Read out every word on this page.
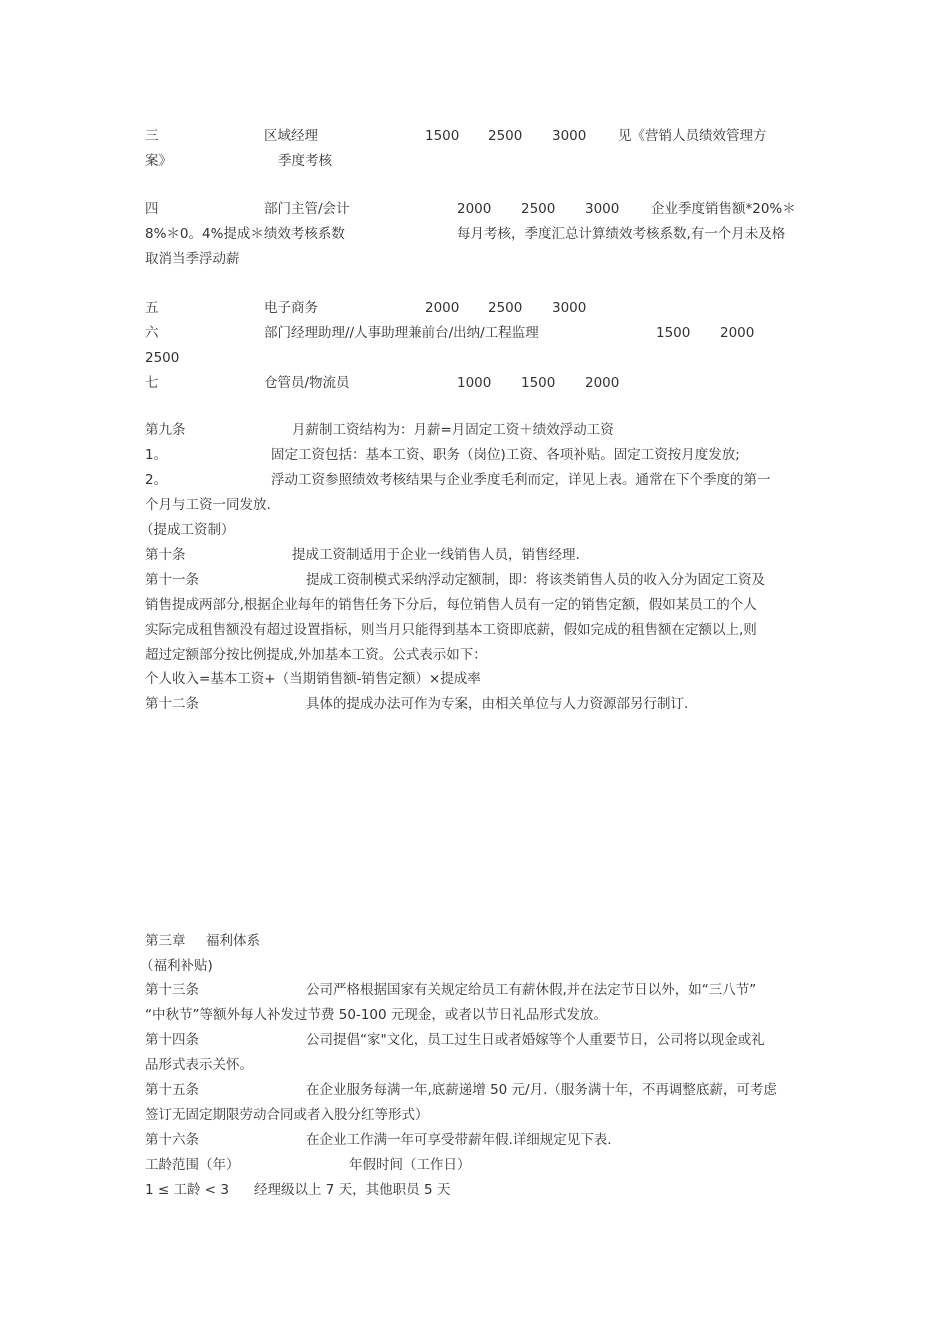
三	区域经理	1500 2500 3000 见《营销人员绩效管理方
案》	季度考核
四	部门主管/会计	2000 2500 3000 企业季度销售额*20%＊
8%＊0。4%提成＊绩效考核系数	每月考核，季度汇总计算绩效考核系数,有一个月未及格
取消当季浮动薪
五	电子商务	2000 2500 3000
六	部门经理助理//人事助理兼前台/出纳/工程监理	1500 2000
2500
七	仓管员/物流员	1000 1500 2000
第九条	月薪制工资结构为：月薪=月固定工资＋绩效浮动工资
1。	固定工资包括：基本工资、职务（岗位)工资、各项补贴。固定工资按月度发放;
2。	浮动工资参照绩效考核结果与企业季度毛利而定，详见上表。通常在下个季度的第一
个月与工资一同发放.
（提成工资制）
第十条	提成工资制适用于企业一线销售人员，销售经理.
第十一条	提成工资制模式采纳浮动定额制，即：将该类销售人员的收入分为固定工资及
销售提成两部分,根据企业每年的销售任务下分后，每位销售人员有一定的销售定额，假如某员工的个人
实际完成租售额没有超过设置指标，则当月只能得到基本工资即底薪，假如完成的租售额在定额以上,则
超过定额部分按比例提成,外加基本工资。公式表示如下：
个人收入=基本工资+（当期销售额-销售定额）×提成率
第十二条	具体的提成办法可作为专案，由相关单位与人力资源部另行制订.
第三章 福利体系
（福利补贴)
第十三条	公司严格根据国家有关规定给员工有薪休假,并在法定节日以外，如“三八节”
“中秋节”等额外每人补发过节费 50-100 元现金，或者以节日礼品形式发放。
第十四条	公司提倡“家"文化，员工过生日或者婚嫁等个人重要节日，公司将以现金或礼
品形式表示关怀。
第十五条	在企业服务每满一年,底薪递增 50 元/月.（服务满十年，不再调整底薪，可考虑
签订无固定期限劳动合同或者入股分红等形式）
第十六条	在企业工作满一年可享受带薪年假.详细规定见下表.
工龄范围（年）	年假时间（工作日）
1 ≤ 工龄 < 3 经理级以上 7 天，其他职员 5 天
